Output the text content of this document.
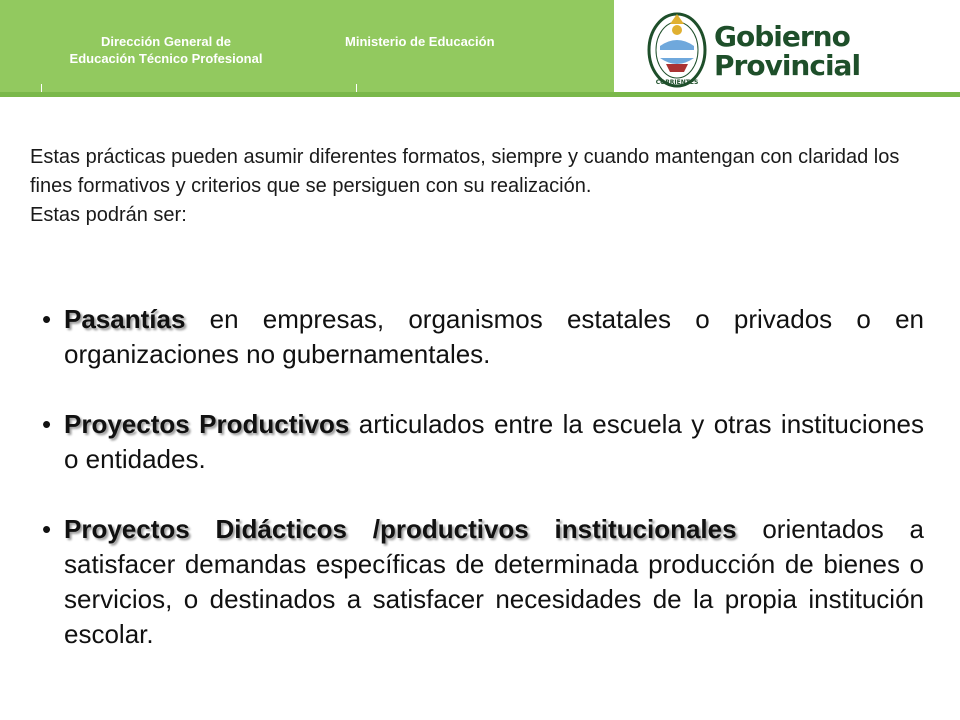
Dirección General de
Educación Técnico Profesional
Ministerio de Educación
CORRIENTES
Gobierno
Provincial

Estas prácticas pueden asumir diferentes formatos, siempre y cuando mantengan con claridad los fines formativos y criterios que se persiguen con su realización.

Estas podrán ser:

• Pasantías en empresas, organismos estatales o privados o en organizaciones no gubernamentales.
• Proyectos Productivos articulados entre la escuela y otras instituciones o entidades.
• Proyectos Didácticos /productivos institucionales orientados a satisfacer demandas específicas de determinada producción de bienes o servicios, o destinados a satisfacer necesidades de la propia institución escolar.
